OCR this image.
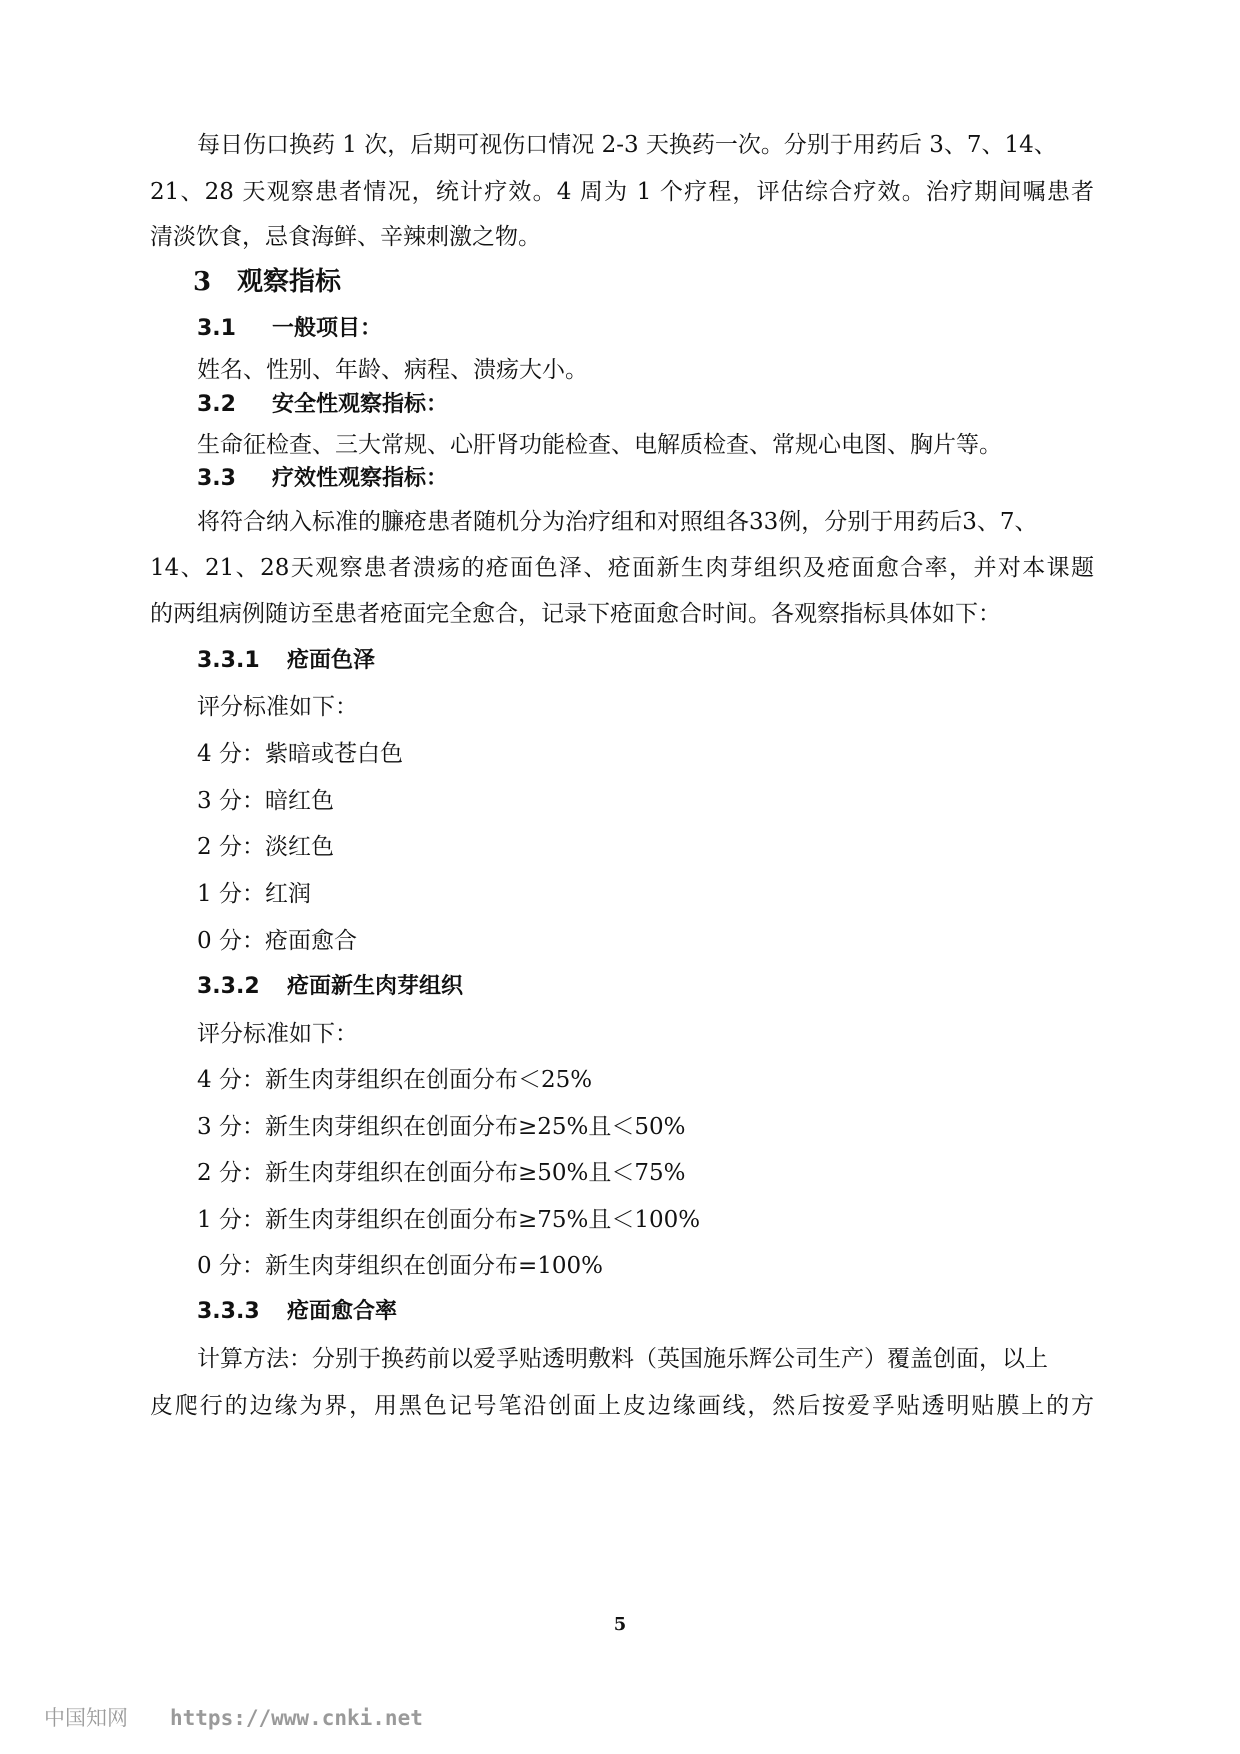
每日伤口换药 1 次，后期可视伤口情况 2-3 天换药一次。分别于用药后 3、7、14、
21、28 天观察患者情况，统计疗效。4 周为 1 个疗程，评估综合疗效。治疗期间嘱患者
清淡饮食，忌食海鲜、辛辣刺激之物。
3 观察指标
3.1 一般项目：
姓名、性别、年龄、病程、溃疡大小。
3.2 安全性观察指标：
生命征检查、三大常规、心肝肾功能检查、电解质检查、常规心电图、胸片等。
3.3 疗效性观察指标：
将符合纳入标准的臁疮患者随机分为治疗组和对照组各33例，分别于用药后3、7、
14、21、28天观察患者溃疡的疮面色泽、疮面新生肉芽组织及疮面愈合率，并对本课题
的两组病例随访至患者疮面完全愈合，记录下疮面愈合时间。各观察指标具体如下：
3.3.1 疮面色泽
评分标准如下：
4 分：紫暗或苍白色
3 分：暗红色
2 分：淡红色
1 分：红润
0 分：疮面愈合
3.3.2 疮面新生肉芽组织
评分标准如下：
4 分：新生肉芽组织在创面分布＜25%
3 分：新生肉芽组织在创面分布≥25%且＜50%
2 分：新生肉芽组织在创面分布≥50%且＜75%
1 分：新生肉芽组织在创面分布≥75%且＜100%
0 分：新生肉芽组织在创面分布=100%
3.3.3 疮面愈合率
计算方法：分别于换药前以爱孚贴透明敷料（英国施乐辉公司生产）覆盖创面，以上
皮爬行的边缘为界，用黑色记号笔沿创面上皮边缘画线，然后按爱孚贴透明贴膜上的方
5
中国知网 https://www.cnki.net
